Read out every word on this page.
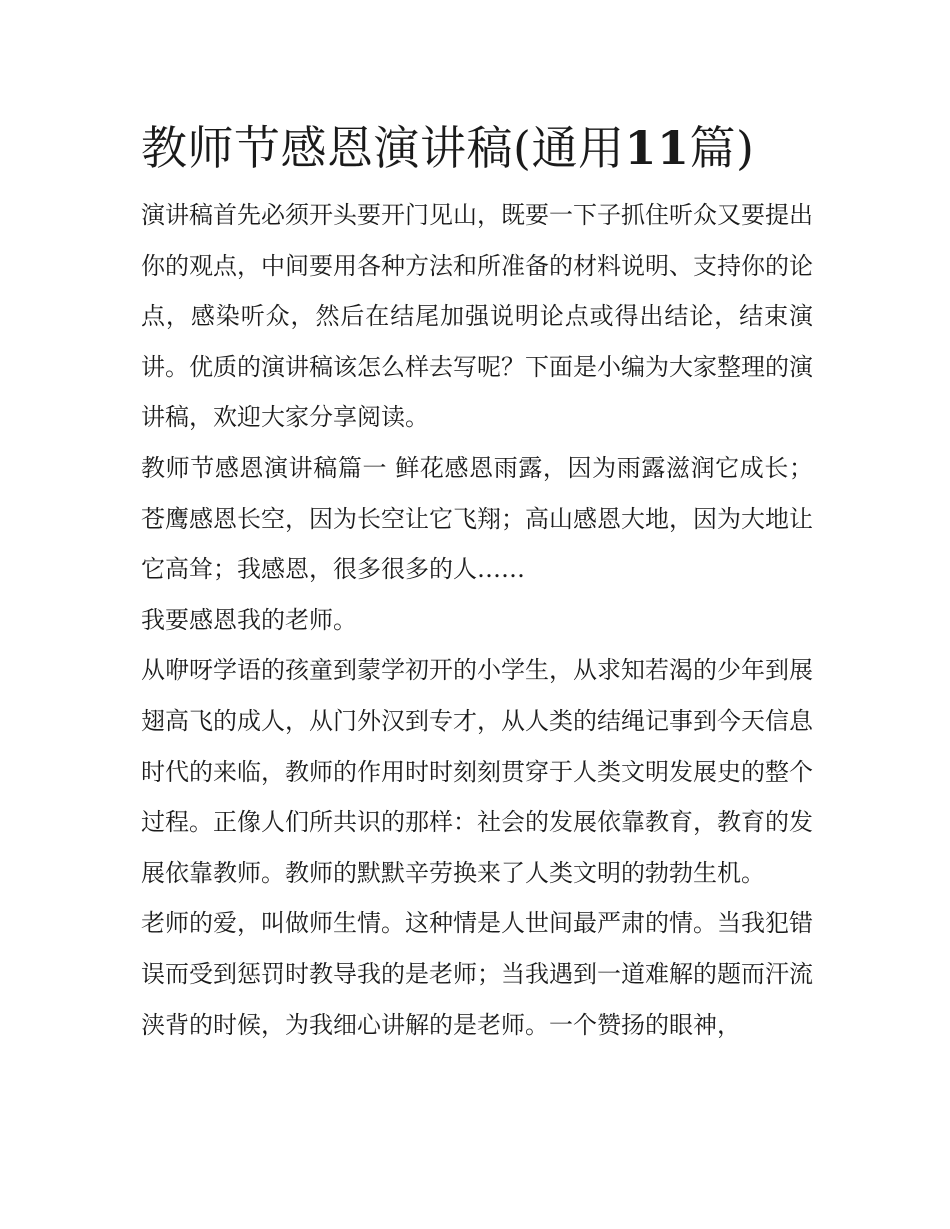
教师节感恩演讲稿(通用11篇)

演讲稿首先必须开头要开门见山，既要一下子抓住听众又要提出你的观点，中间要用各种方法和所准备的材料说明、支持你的论点，感染听众，然后在结尾加强说明论点或得出结论，结束演讲。优质的演讲稿该怎么样去写呢？下面是小编为大家整理的演讲稿，欢迎大家分享阅读。

教师节感恩演讲稿篇一 鲜花感恩雨露，因为雨露滋润它成长；苍鹰感恩长空，因为长空让它飞翔；高山感恩大地，因为大地让它高耸；我感恩，很多很多的人……

我要感恩我的老师。

从咿呀学语的孩童到蒙学初开的小学生，从求知若渴的少年到展翅高飞的成人，从门外汉到专才，从人类的结绳记事到今天信息时代的来临，教师的作用时时刻刻贯穿于人类文明发展史的整个过程。正像人们所共识的那样：社会的发展依靠教育，教育的发展依靠教师。教师的默默辛劳换来了人类文明的勃勃生机。

老师的爱，叫做师生情。这种情是人世间最严肃的情。当我犯错误而受到惩罚时教导我的是老师；当我遇到一道难解的题而汗流浃背的时候，为我细心讲解的是老师。一个赞扬的眼神，
